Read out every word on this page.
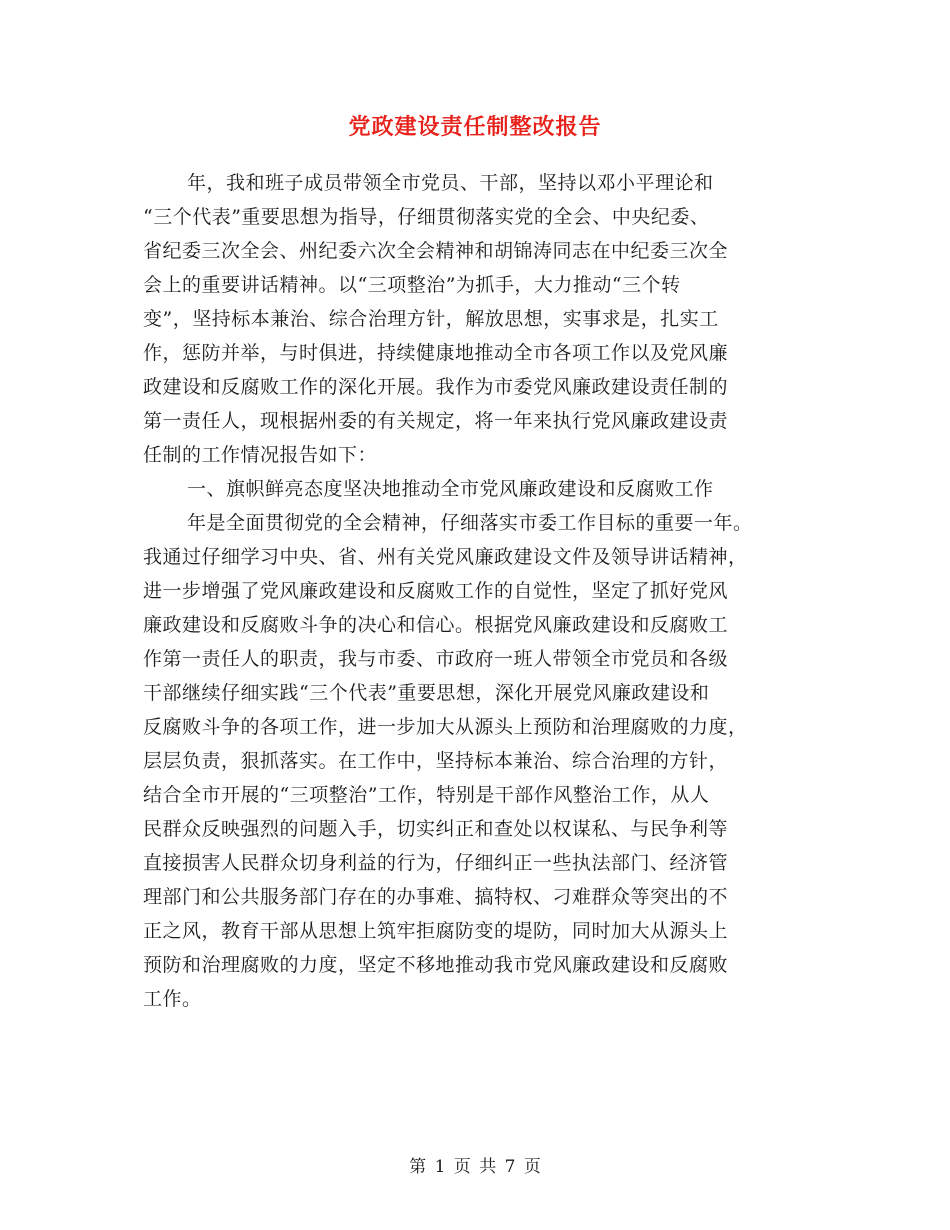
党政建设责任制整改报告
年，我和班子成员带领全市党员、干部，坚持以邓小平理论和
“三个代表”重要思想为指导，仔细贯彻落实党的全会、中央纪委、
省纪委三次全会、州纪委六次全会精神和胡锦涛同志在中纪委三次全
会上的重要讲话精神。以“三项整治”为抓手，大力推动“三个转
变”，坚持标本兼治、综合治理方针，解放思想，实事求是，扎实工
作，惩防并举，与时俱进，持续健康地推动全市各项工作以及党风廉
政建设和反腐败工作的深化开展。我作为市委党风廉政建设责任制的
第一责任人，现根据州委的有关规定，将一年来执行党风廉政建设责
任制的工作情况报告如下：
一、旗帜鲜亮态度坚决地推动全市党风廉政建设和反腐败工作
年是全面贯彻党的全会精神，仔细落实市委工作目标的重要一年。
我通过仔细学习中央、省、州有关党风廉政建设文件及领导讲话精神，
进一步增强了党风廉政建设和反腐败工作的自觉性，坚定了抓好党风
廉政建设和反腐败斗争的决心和信心。根据党风廉政建设和反腐败工
作第一责任人的职责，我与市委、市政府一班人带领全市党员和各级
干部继续仔细实践“三个代表”重要思想，深化开展党风廉政建设和
反腐败斗争的各项工作，进一步加大从源头上预防和治理腐败的力度，
层层负责，狠抓落实。在工作中，坚持标本兼治、综合治理的方针，
结合全市开展的“三项整治”工作，特别是干部作风整治工作，从人
民群众反映强烈的问题入手，切实纠正和查处以权谋私、与民争利等
直接损害人民群众切身利益的行为，仔细纠正一些执法部门、经济管
理部门和公共服务部门存在的办事难、搞特权、刁难群众等突出的不
正之风，教育干部从思想上筑牢拒腐防变的堤防，同时加大从源头上
预防和治理腐败的力度，坚定不移地推动我市党风廉政建设和反腐败
工作。
第 1 页 共 7 页
